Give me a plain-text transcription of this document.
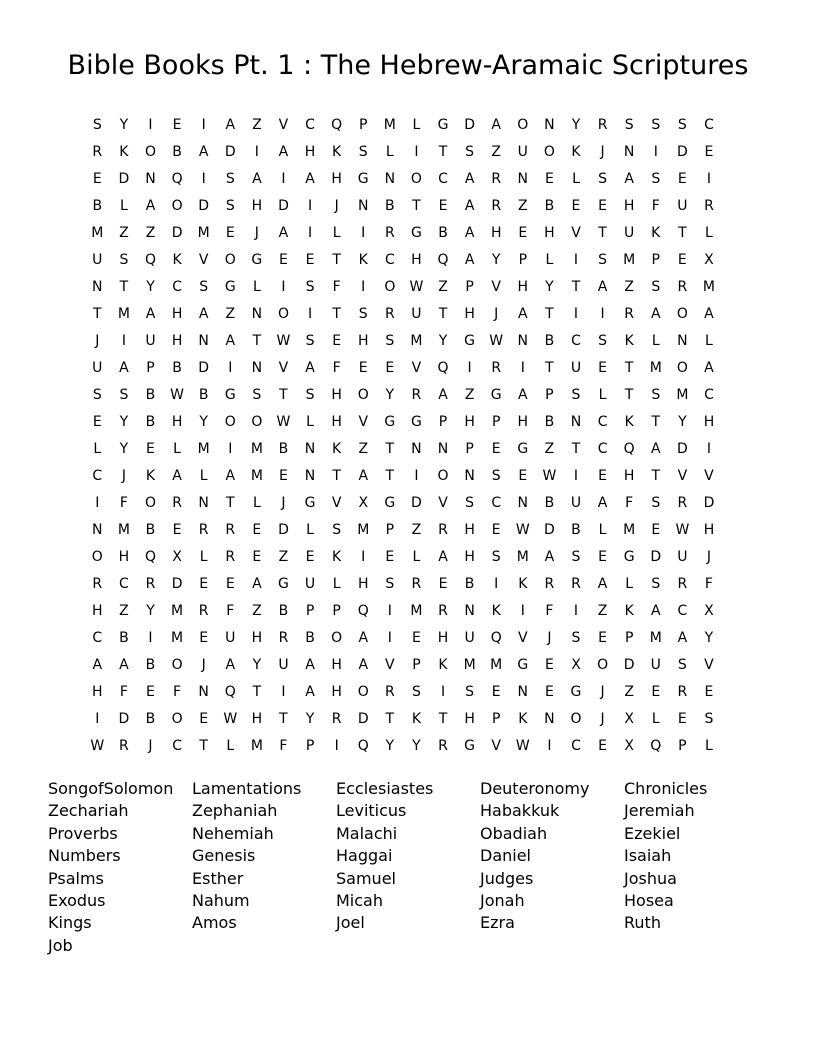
Bible Books Pt. 1 : The Hebrew-Aramaic Scriptures
S	Y	I	E	I	A	Z	V	C	Q	P	M	L	G	D	A	O	N	Y	R	S	S	S	C
R	K	O	B	A	D	I	A	H	K	S	L	I	T	S	Z	U	O	K	J	N	I	D	E
E	D	N	Q	I	S	A	I	A	H	G	N	O	C	A	R	N	E	L	S	A	S	E	I
B	L	A	O	D	S	H	D	I	J	N	B	T	E	A	R	Z	B	E	E	H	F	U	R
M	Z	Z	D	M	E	J	A	I	L	I	R	G	B	A	H	E	H	V	T	U	K	T	L
U	S	Q	K	V	O	G	E	E	T	K	C	H	Q	A	Y	P	L	I	S	M	P	E	X
N	T	Y	C	S	G	L	I	S	F	I	O	W	Z	P	V	H	Y	T	A	Z	S	R	M
T	M	A	H	A	Z	N	O	I	T	S	R	U	T	H	J	A	T	I	I	R	A	O	A
J	I	U	H	N	A	T	W	S	E	H	S	M	Y	G	W	N	B	C	S	K	L	N	L
U	A	P	B	D	I	N	V	A	F	E	E	V	Q	I	R	I	T	U	E	T	M	O	A
S	S	B	W	B	G	S	T	S	H	O	Y	R	A	Z	G	A	P	S	L	T	S	M	C
E	Y	B	H	Y	O	O	W	L	H	V	G	G	P	H	P	H	B	N	C	K	T	Y	H
L	Y	E	L	M	I	M	B	N	K	Z	T	N	N	P	E	G	Z	T	C	Q	A	D	I
C	J	K	A	L	A	M	E	N	T	A	T	I	O	N	S	E	W	I	E	H	T	V	V
I	F	O	R	N	T	L	J	G	V	X	G	D	V	S	C	N	B	U	A	F	S	R	D
N	M	B	E	R	R	E	D	L	S	M	P	Z	R	H	E	W	D	B	L	M	E	W	H
O	H	Q	X	L	R	E	Z	E	K	I	E	L	A	H	S	M	A	S	E	G	D	U	J
R	C	R	D	E	E	A	G	U	L	H	S	R	E	B	I	K	R	R	A	L	S	R	F
H	Z	Y	M	R	F	Z	B	P	P	Q	I	M	R	N	K	I	F	I	Z	K	A	C	X
C	B	I	M	E	U	H	R	B	O	A	I	E	H	U	Q	V	J	S	E	P	M	A	Y
A	A	B	O	J	A	Y	U	A	H	A	V	P	K	M	M	G	E	X	O	D	U	S	V
H	F	E	F	N	Q	T	I	A	H	O	R	S	I	S	E	N	E	G	J	Z	E	R	E
I	D	B	O	E	W	H	T	Y	R	D	T	K	T	H	P	K	N	O	J	X	L	E	S
W	R	J	C	T	L	M	F	P	I	Q	Y	Y	R	G	V	W	I	C	E	X	Q	P	L
SongofSolomon	Lamentations	Ecclesiastes	Deuteronomy	Chronicles
Zechariah	Zephaniah	Leviticus	Habakkuk	Jeremiah
Proverbs	Nehemiah	Malachi	Obadiah	Ezekiel
Numbers	Genesis	Haggai	Daniel	Isaiah
Psalms	Esther	Samuel	Judges	Joshua
Exodus	Nahum	Micah	Jonah	Hosea
Kings	Amos	Joel	Ezra	Ruth
Job
